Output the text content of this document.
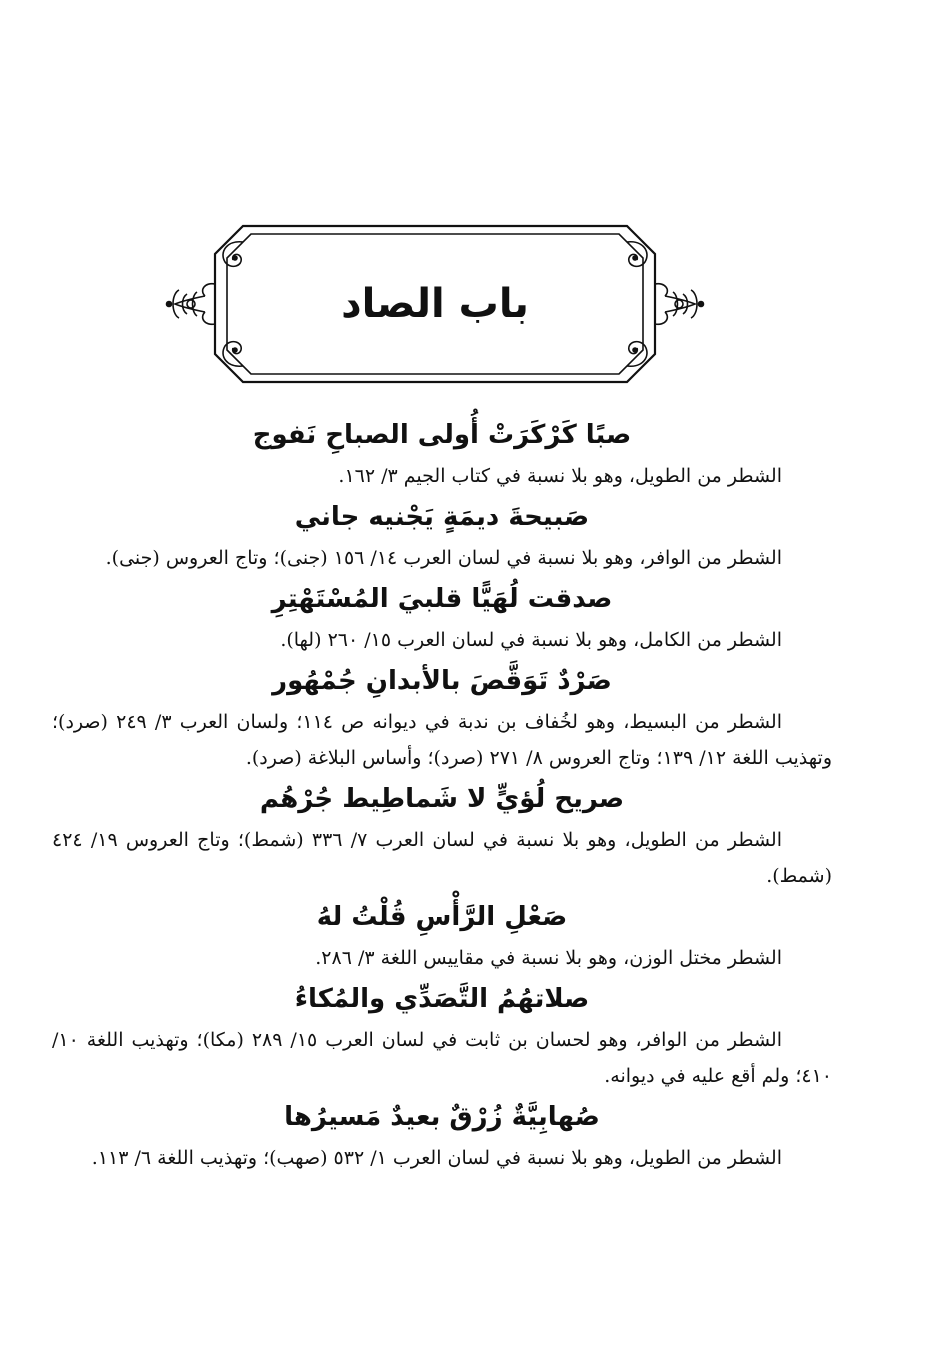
باب الصاد

صبًا كَرْكَرَتْ أُولى الصباحِ نَفوج

الشطر من الطويل، وهو بلا نسبة في كتاب الجيم ٣/ ١٦٢.

صَبيحةَ ديمَةٍ يَجْنيه جاني

الشطر من الوافر، وهو بلا نسبة في لسان العرب ١٤/ ١٥٦ (جنى)؛ وتاج العروس (جنى).

صدقت لُهَيًّا قلبيَ المُسْتَهْتِرِ

الشطر من الكامل، وهو بلا نسبة في لسان العرب ١٥/ ٢٦٠ (لها).

صَرْدٌ تَوَقَّصَ بالأبدانِ جُمْهُور

الشطر من البسيط، وهو لخُفاف بن ندبة في ديوانه ص ١١٤؛ ولسان العرب ٣/ ٢٤٩ (صرد)؛ وتهذيب اللغة ١٢/ ١٣٩؛ وتاج العروس ٨/ ٢٧١ (صرد)؛ وأساس البلاغة (صرد).

صريح لُؤيٍّ لا شَماطِيط جُرْهُم

الشطر من الطويل، وهو بلا نسبة في لسان العرب ٧/ ٣٣٦ (شمط)؛ وتاج العروس ١٩/ ٤٢٤ (شمط).

صَعْلِ الرَّأْسِ قُلْتُ لهُ

الشطر مختل الوزن، وهو بلا نسبة في مقاييس اللغة ٣/ ٢٨٦.

صلاتهُمُ التَّصَدِّي والمُكاءُ

الشطر من الوافر، وهو لحسان بن ثابت في لسان العرب ١٥/ ٢٨٩ (مكا)؛ وتهذيب اللغة ١٠/ ٤١٠؛ ولم أقع عليه في ديوانه.

صُهابِيَّةٌ زُرْقٌ بعيدٌ مَسيرُها

الشطر من الطويل، وهو بلا نسبة في لسان العرب ١/ ٥٣٢ (صهب)؛ وتهذيب اللغة ٦/ ١١٣.
